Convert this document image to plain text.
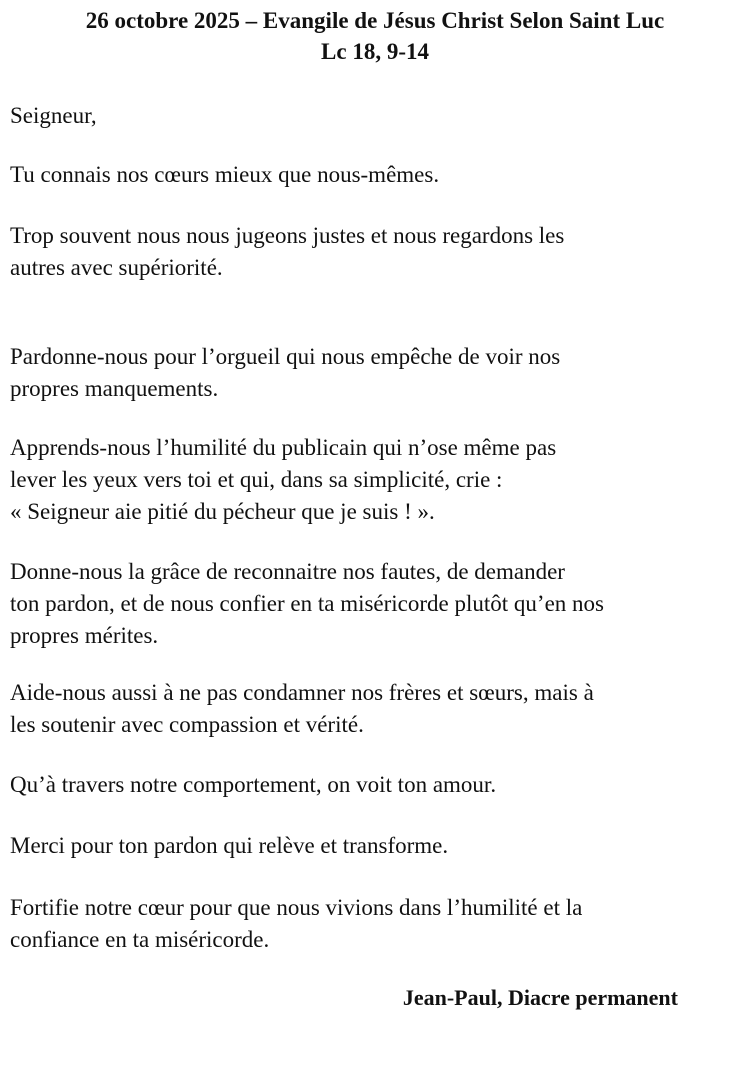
26 octobre 2025 – Evangile de Jésus Christ Selon Saint Luc
Lc 18, 9-14

Seigneur,

Tu connais nos cœurs mieux que nous-mêmes.

Trop souvent nous nous jugeons justes et nous regardons les
autres avec supériorité.

Pardonne-nous pour l’orgueil qui nous empêche de voir nos
propres manquements.

Apprends-nous l’humilité du publicain qui n’ose même pas
lever les yeux vers toi et qui, dans sa simplicité, crie :
« Seigneur aie pitié du pécheur que je suis ! ».

Donne-nous la grâce de reconnaitre nos fautes, de demander
ton pardon, et de nous confier en ta miséricorde plutôt qu’en nos
propres mérites.

Aide-nous aussi à ne pas condamner nos frères et sœurs, mais à
les soutenir avec compassion et vérité.

Qu’à travers notre comportement, on voit ton amour.

Merci pour ton pardon qui relève et transforme.

Fortifie notre cœur pour que nous vivions dans l’humilité et la
confiance en ta miséricorde.

Jean-Paul, Diacre permanent
